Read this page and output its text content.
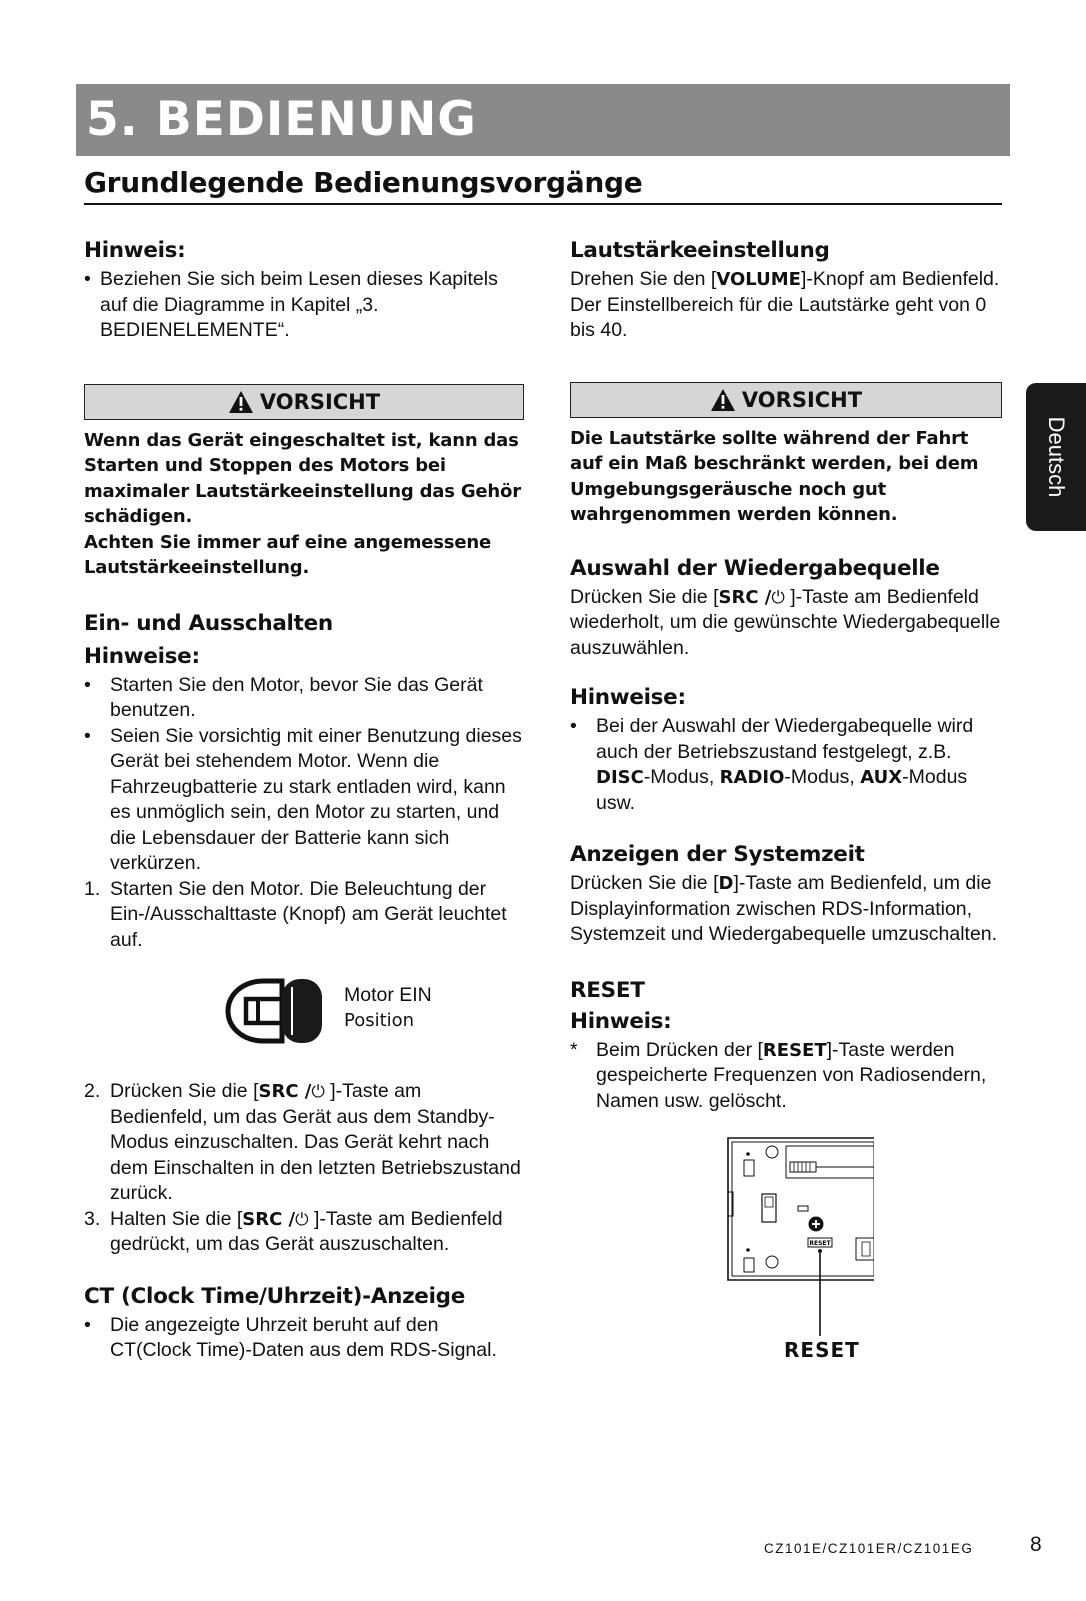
5. BEDIENUNG
Grundlegende Bedienungsvorgänge
Deutsch
Hinweis:
• Beziehen Sie sich beim Lesen dieses Kapitels auf die Diagramme in Kapitel „3. BEDIENELEMENTE“.
VORSICHT
Wenn das Gerät eingeschaltet ist, kann das Starten und Stoppen des Motors bei maximaler Lautstärkeeinstellung das Gehör schädigen.
Achten Sie immer auf eine angemessene Lautstärkeeinstellung.
Ein- und Ausschalten
Hinweise:
• Starten Sie den Motor, bevor Sie das Gerät benutzen.
• Seien Sie vorsichtig mit einer Benutzung dieses Gerät bei stehendem Motor. Wenn die Fahrzeugbatterie zu stark entladen wird, kann es unmöglich sein, den Motor zu starten, und die Lebensdauer der Batterie kann sich verkürzen.
1. Starten Sie den Motor. Die Beleuchtung der Ein-/Ausschalttaste (Knopf) am Gerät leuchtet auf.
Motor EIN
Position
2. Drücken Sie die [SRC /⏻ ]-Taste am Bedienfeld, um das Gerät aus dem Standby-Modus einzuschalten. Das Gerät kehrt nach dem Einschalten in den letzten Betriebszustand zurück.
3. Halten Sie die [SRC /⏻ ]-Taste am Bedienfeld gedrückt, um das Gerät auszuschalten.
CT (Clock Time/Uhrzeit)-Anzeige
• Die angezeigte Uhrzeit beruht auf den CT(Clock Time)-Daten aus dem RDS-Signal.
Lautstärkeeinstellung

Drehen Sie den [VOLUME]-Knopf am Bedienfeld.

Der Einstellbereich für die Lautstärke geht von 0 bis 40.

VORSICHT
Die Lautstärke sollte während der Fahrt auf ein Maß beschränkt werden, bei dem Umgebungsgeräusche noch gut wahrgenommen werden können.
Auswahl der Wiedergabequelle

Drücken Sie die [SRC /⏻ ]-Taste am Bedienfeld wiederholt, um die gewünschte Wiedergabequelle auszuwählen.

Hinweise:
• Bei der Auswahl der Wiedergabequelle wird auch der Betriebszustand festgelegt, z.B. DISC-Modus, RADIO-Modus, AUX-Modus usw.
Anzeigen der Systemzeit

Drücken Sie die [D]-Taste am Bedienfeld, um die Displayinformation zwischen RDS-Information, Systemzeit und Wiedergabequelle umzuschalten.

RESET
Hinweis:
* Beim Drücken der [RESET]-Taste werden gespeicherte Frequenzen von Radiosendern, Namen usw. gelöscht.
RESET
RESET
CZ101E/CZ101ER/CZ101EG	8
